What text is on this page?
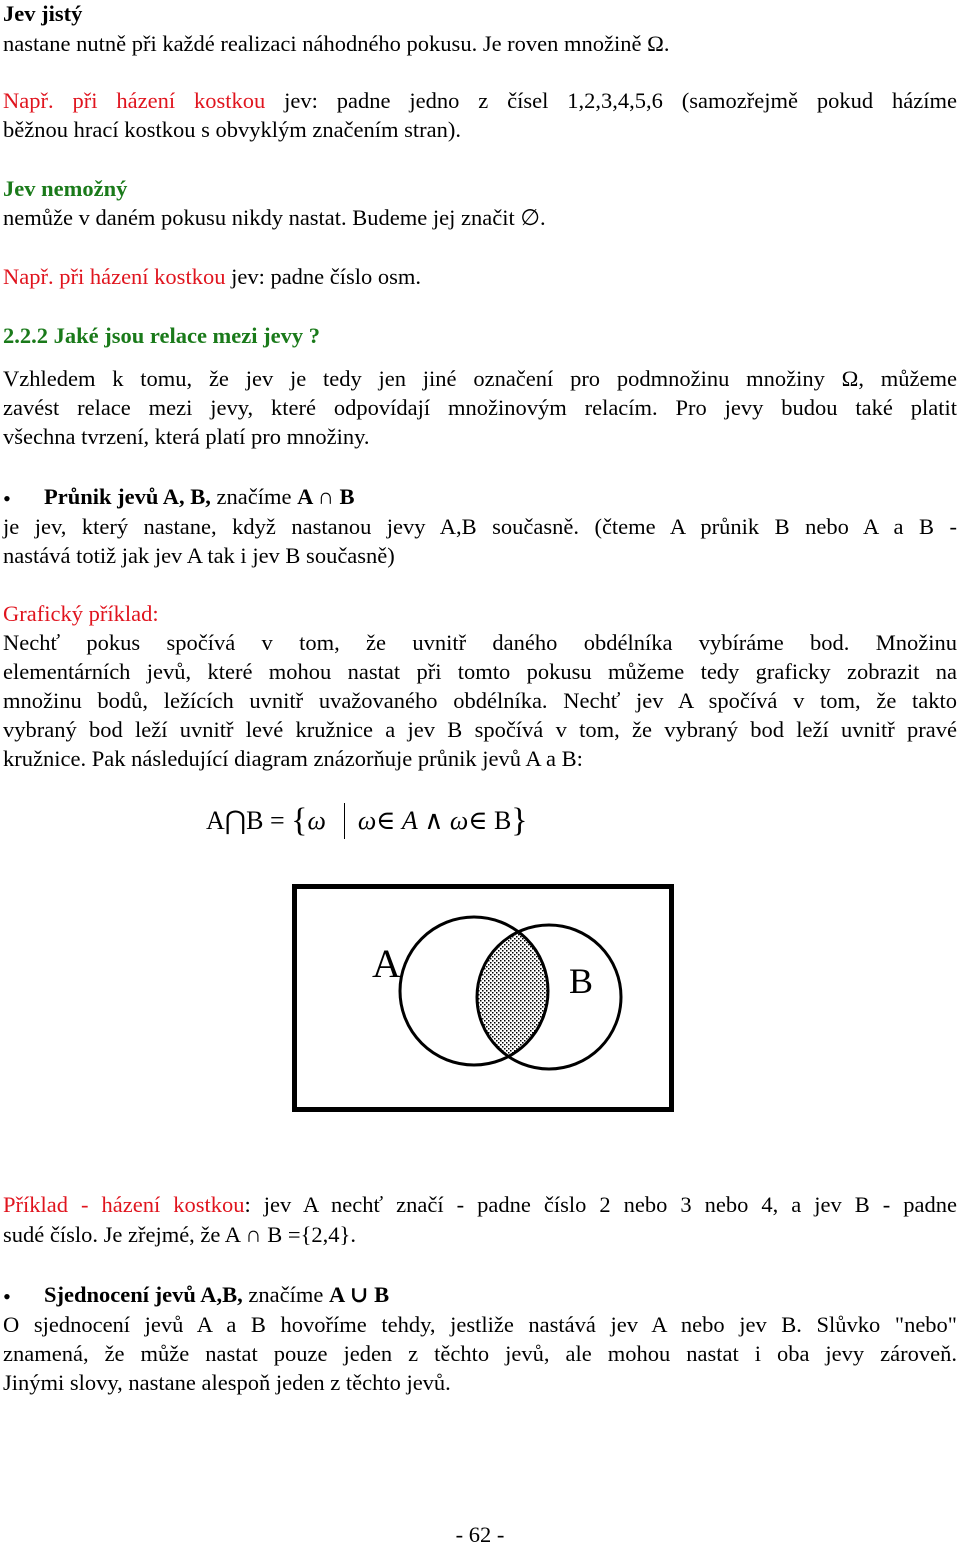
Jev jistý
nastane nutně při každé realizaci náhodného pokusu. Je roven množině Ω.
Např. při házení kostkou jev: padne jedno z čísel 1,2,3,4,5,6 (samozřejmě pokud házíme
běžnou hrací kostkou s obvyklým značením stran).
Jev nemožný
nemůže v daném pokusu nikdy nastat. Budeme jej značit ∅.
Např. při házení kostkou jev: padne číslo osm.
2.2.2 Jaké jsou relace mezi jevy ?
Vzhledem k tomu, že jev je tedy jen jiné označení pro podmnožinu množiny Ω, můžeme
zavést relace mezi jevy, které odpovídají množinovým relacím. Pro jevy budou také platit
všechna tvrzení, která platí pro množiny.
• Průnik jevů A, B, značíme A ∩ B
je jev, který nastane, když nastanou jevy A,B současně. (čteme A průnik B nebo A a B -
nastává totiž jak jev A tak i jev B současně)
Grafický příklad:
Nechť pokus spočívá v tom, že uvnitř daného obdélníka vybíráme bod. Množinu
elementárních jevů, které mohou nastat při tomto pokusu můžeme tedy graficky zobrazit na
množinu bodů, ležících uvnitř uvažovaného obdélníka. Nechť jev A spočívá v tom, že takto
vybraný bod leží uvnitř levé kružnice a jev B spočívá v tom, že vybraný bod leží uvnitř pravé
kružnice. Pak následující diagram znázorňuje průnik jevů A a B:
A⋂B = {ω ω∈ A ∧ ω∈ B}
A	B
Příklad - házení kostkou: jev A nechť značí - padne číslo 2 nebo 3 nebo 4, a jev B - padne
sudé číslo. Je zřejmé, že A ∩ B ={2,4}.
• Sjednocení jevů A,B, značíme A ∪ B
O sjednocení jevů A a B hovoříme tehdy, jestliže nastává jev A nebo jev B. Slůvko "nebo"
znamená, že může nastat pouze jeden z těchto jevů, ale mohou nastat i oba jevy zároveň.
Jinými slovy, nastane alespoň jeden z těchto jevů.
- 62 -
